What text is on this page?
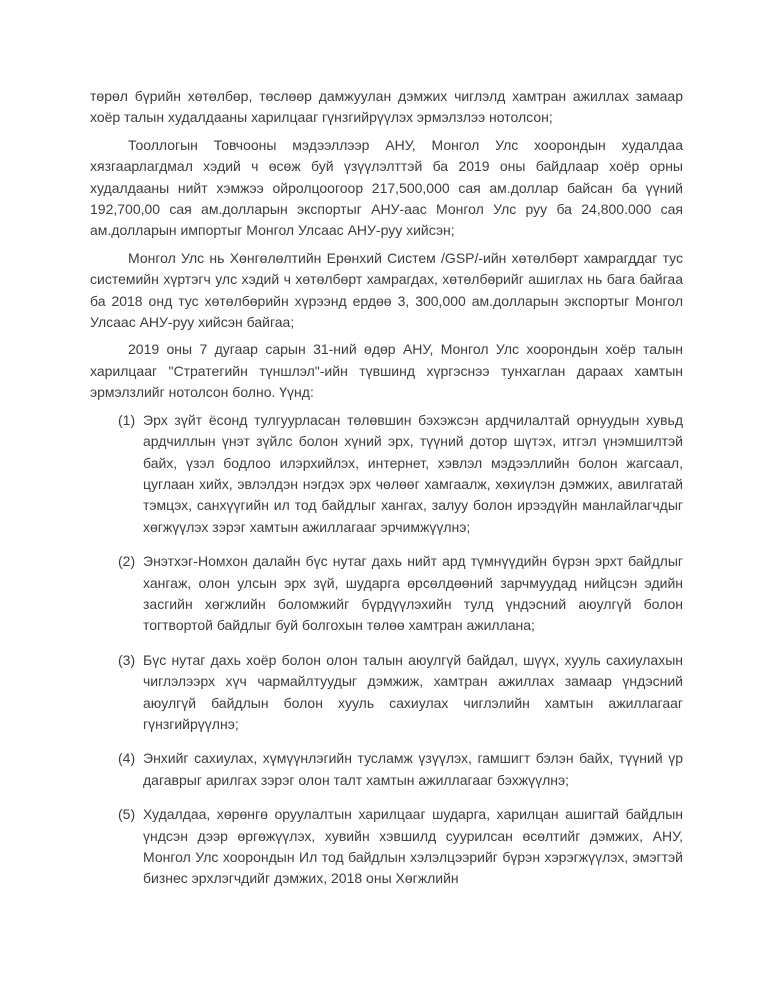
төрөл бүрийн хөтөлбөр, төслөөр дамжуулан дэмжих чиглэлд хамтран ажиллах замаар хоёр талын худалдааны харилцааг гүнзгийрүүлэх эрмэлзлээ нотолсон;

Тооллогын Товчооны мэдээллээр АНУ, Монгол Улс хоорондын худалдаа хязгаарлагдмал хэдий ч өсөж буй үзүүлэлттэй ба 2019 оны байдлаар хоёр орны худалдааны нийт хэмжээ ойролцоогоор 217,500,000 сая ам.доллар байсан ба үүний 192,700,00 сая ам.долларын экспортыг АНУ-аас Монгол Улс руу ба 24,800.000 сая ам.долларын импортыг Монгол Улсаас АНУ-руу хийсэн;

Монгол Улс нь Хөнгөлөлтийн Ерөнхий Систем /GSP/-ийн хөтөлбөрт хамрагддаг тус системийн хүртэгч улс хэдий ч хөтөлбөрт хамрагдах, хөтөлбөрийг ашиглах нь бага байгаа ба 2018 онд тус хөтөлбөрийн хүрээнд ердөө 3, 300,000 ам.долларын экспортыг Монгол Улсаас АНУ-руу хийсэн байгаа;

2019 оны 7 дугаар сарын 31-ний өдөр АНУ, Монгол Улс хоорондын хоёр талын харилцааг "Стратегийн түншлэл"-ийн түвшинд хүргэснээ тунхаглан дараах хамтын эрмэлзлийг нотолсон болно. Үүнд:

(1) Эрх зүйт ёсонд тулгуурласан төлөвшин бэхэжсэн ардчилалтай орнуудын хувьд ардчиллын үнэт зүйлс болон хүний эрх, түүний дотор шүтэх, итгэл үнэмшилтэй байх, үзэл бодлоо илэрхийлэх, интернет, хэвлэл мэдээллийн болон жагсаал, цуглаан хийх, эвлэлдэн нэгдэх эрх чөлөөг хамгаалж, хөхиүлэн дэмжих, авилгатай тэмцэх, санхүүгийн ил тод байдлыг хангах, залуу болон ирээдүйн манлайлагчдыг хөгжүүлэх зэрэг хамтын ажиллагааг эрчимжүүлнэ;
(2) Энэтхэг-Номхон далайн бүс нутаг дахь нийт ард түмнүүдийн бүрэн эрхт байдлыг хангаж, олон улсын эрх зүй, шударга өрсөлдөөний зарчмуудад нийцсэн эдийн засгийн хөгжлийн боломжийг бүрдүүлэхийн тулд үндэсний аюулгүй болон тогтвортой байдлыг буй болгохын төлөө хамтран ажиллана;
(3) Бүс нутаг дахь хоёр болон олон талын аюулгүй байдал, шүүх, хууль сахиулахын чиглэлээрх хүч чармайлтуудыг дэмжиж, хамтран ажиллах замаар үндэсний аюулгүй байдлын болон хууль сахиулах чиглэлийн хамтын ажиллагааг гүнзгийрүүлнэ;
(4) Энхийг сахиулах, хүмүүнлэгийн тусламж үзүүлэх, гамшигт бэлэн байх, түүний үр дагаврыг арилгах зэрэг олон талт хамтын ажиллагааг бэхжүүлнэ;
(5) Худалдаа, хөрөнгө оруулалтын харилцааг шударга, харилцан ашигтай байдлын үндсэн дээр өргөжүүлэх, хувийн хэвшилд суурилсан өсөлтийг дэмжих, АНУ, Монгол Улс хоорондын Ил тод байдлын хэлэлцээрийг бүрэн хэрэгжүүлэх, эмэгтэй бизнес эрхлэгчдийг дэмжих, 2018 оны Хөгжлийн
